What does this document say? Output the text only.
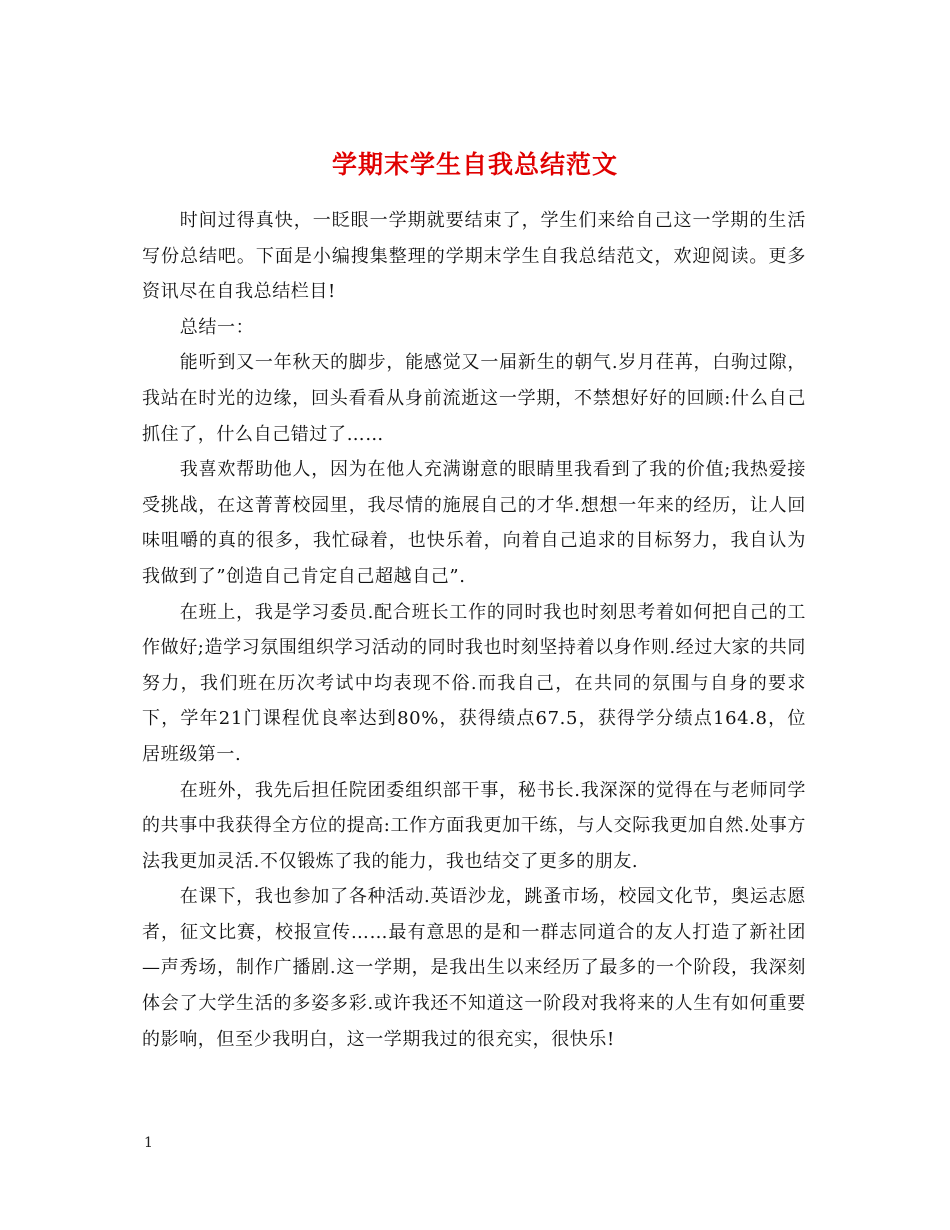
学期末学生自我总结范文

时间过得真快，一眨眼一学期就要结束了，学生们来给自己这一学期的生活写份总结吧。下面是小编搜集整理的学期末学生自我总结范文，欢迎阅读。更多资讯尽在自我总结栏目!

总结一：

能听到又一年秋天的脚步，能感觉又一届新生的朝气.岁月荏苒，白驹过隙，我站在时光的边缘，回头看看从身前流逝这一学期，不禁想好好的回顾:什么自己抓住了，什么自己错过了……

我喜欢帮助他人，因为在他人充满谢意的眼睛里我看到了我的价值;我热爱接受挑战，在这菁菁校园里，我尽情的施展自己的才华.想想一年来的经历，让人回味咀嚼的真的很多，我忙碌着，也快乐着，向着自己追求的目标努力，我自认为我做到了”创造自己肯定自己超越自己”.

在班上，我是学习委员.配合班长工作的同时我也时刻思考着如何把自己的工作做好;造学习氛围组织学习活动的同时我也时刻坚持着以身作则.经过大家的共同努力，我们班在历次考试中均表现不俗.而我自己，在共同的氛围与自身的要求下，学年21门课程优良率达到80%，获得绩点67.5，获得学分绩点164.8，位居班级第一.

在班外，我先后担任院团委组织部干事，秘书长.我深深的觉得在与老师同学的共事中我获得全方位的提高:工作方面我更加干练，与人交际我更加自然.处事方法我更加灵活.不仅锻炼了我的能力，我也结交了更多的朋友.

在课下，我也参加了各种活动.英语沙龙，跳蚤市场，校园文化节，奥运志愿者，征文比赛，校报宣传……最有意思的是和一群志同道合的友人打造了新社团—声秀场，制作广播剧.这一学期，是我出生以来经历了最多的一个阶段，我深刻体会了大学生活的多姿多彩.或许我还不知道这一阶段对我将来的人生有如何重要的影响，但至少我明白，这一学期我过的很充实，很快乐!

1
